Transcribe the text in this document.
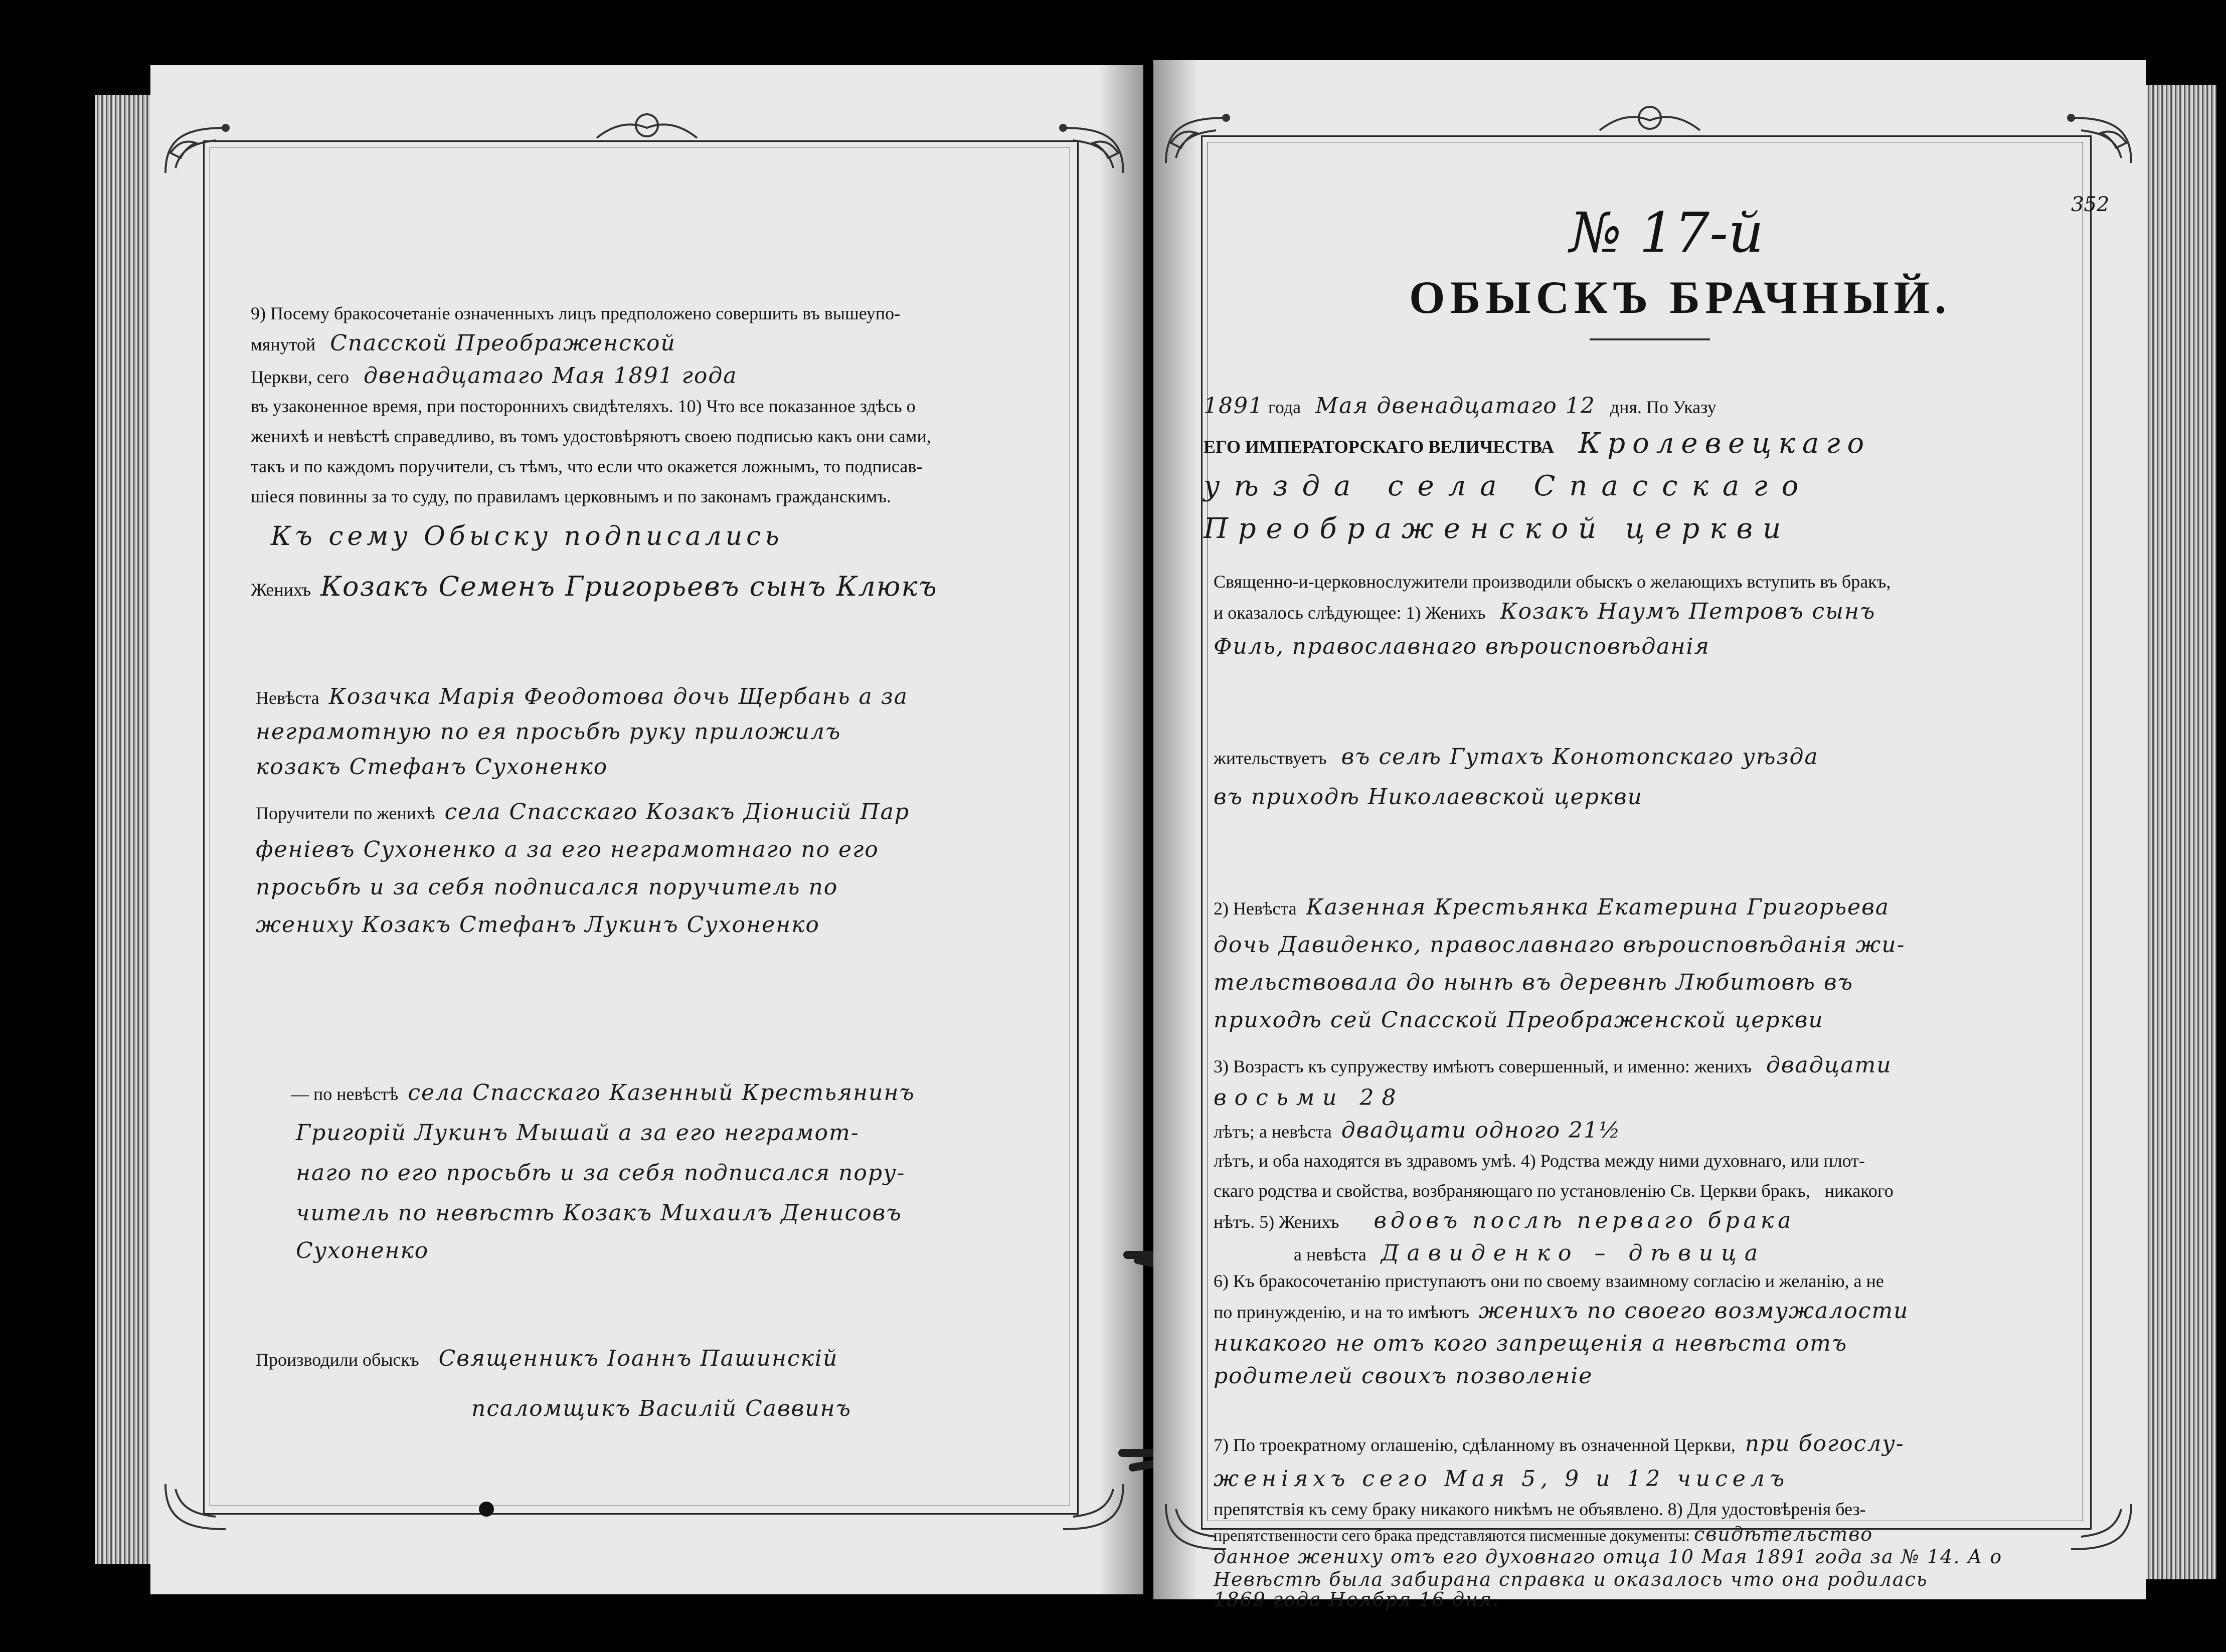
9) Посему бракосочетаніе означенныхъ лицъ предположено совершить въ вышеупо-
мянутой Спасской Преображенской
Церкви, сего двенадцатаго Мая 1891 года
въ узаконенное время, при постороннихъ свидѣтеляхъ. 10) Что все показанное здѣсь о
женихѣ и невѣстѣ справедливо, въ томъ удостовѣряютъ своею подписью какъ они сами,
такъ и по каждомъ поручители, съ тѣмъ, что если что окажется ложнымъ, то подписав-
шіеся повинны за то суду, по правиламъ церковнымъ и по законамъ гражданскимъ.
Къ сему Обыску подписались
Женихъ Козакъ Семенъ Григорьевъ сынъ Клюкъ
Невѣста Козачка Марія Феодотова дочь Щербань а за
неграмотную по ея просьбѣ руку приложилъ
козакъ Стефанъ Сухоненко
Поручители по женихѣ села Спасскаго Козакъ Діонисій Пар
феніевъ Сухоненко а за его неграмотнаго по его
просьбѣ и за себя подписался поручитель по
жениху Козакъ Стефанъ Лукинъ Сухоненко
— по невѣстѣ села Спасскаго Казенный Крестьянинъ
Григорій Лукинъ Мышай а за его неграмот-
наго по его просьбѣ и за себя подписался пору-
читель по невѣстѣ Козакъ Михаилъ Денисовъ
Сухоненко
Производили обыскъ Священникъ Іоаннъ Пашинскій
псаломщикъ Василій Саввинъ
352
№ 17-й
ОБЫСКЪ БРАЧНЫЙ.
1891 года Мая двенадцатаго 12 дня. По Указу
ЕГО ИМПЕРАТОРСКАГО ВЕЛИЧЕСТВА Кролевецкаго
уѣзда села Спасскаго
Преображенской церкви
Священно-и-церковнослужители производили обыскъ о желающихъ вступить въ бракъ,
и оказалось слѣдующее: 1) Женихъ Козакъ Наумъ Петровъ сынъ
Филь, православнаго вѣроисповѣданія
жительствуетъ въ селѣ Гутахъ Конотопскаго уѣзда
въ приходѣ Николаевской церкви
2) Невѣста Казенная Крестьянка Екатерина Григорьева
дочь Давиденко, православнаго вѣроисповѣданія жи-
тельствовала до нынѣ въ деревнѣ Любитовѣ въ
приходѣ сей Спасской Преображенской церкви
3) Возрастъ къ супружеству имѣютъ совершенный, и именно: женихъ двадцати
восьми 28
лѣтъ; а невѣста двадцати одного 21½
лѣтъ, и оба находятся въ здравомъ умѣ. 4) Родства между ними духовнаго, или плот-
скаго родства и свойства, возбраняющаго по установленію Св. Церкви бракъ, никакого
нѣтъ. 5) Женихъ вдовъ послѣ перваго брака
а невѣста Давиденко – дѣвица
6) Къ бракосочетанію приступаютъ они по своему взаимному согласію и желанію, а не
по принужденію, и на то имѣютъ женихъ по своего возмужалости
никакого не отъ кого запрещенія а невѣста отъ
родителей своихъ позволеніе
7) По троекратному оглашенію, сдѣланному въ означенной Церкви, при богослу-
женіяхъ сего Мая 5, 9 и 12 чиселъ
препятствія къ сему браку никакого никѣмъ не объявлено. 8) Для удостовѣренія без-
препятственности сего брака представляются писменные документы: свидѣтельство
данное жениху отъ его духовнаго отца 10 Мая 1891 года за № 14. А о
Невѣстѣ была забирана справка и оказалось что она родилась
1869 года Ноября 16 дня.
